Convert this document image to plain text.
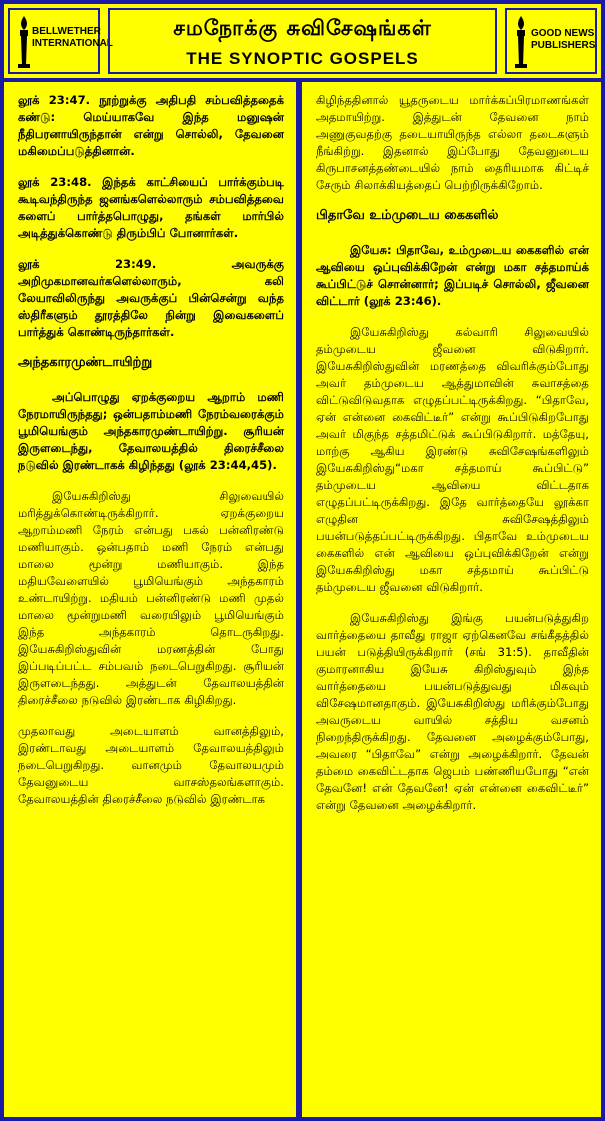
BELLWETHER INTERNATIONAL
சமநோக்கு சுவிசேஷங்கள்
THE SYNOPTIC GOSPELS
GOOD NEWS PUBLISHERS

லூக் 23:47. நூற்றுக்கு அதிபதி சம்பவித்ததைக் கண்டு: மெய்யாகவே இந்த மனுஷன் நீதிபரனாயிருந்தான் என்று சொல்லி, தேவனை மகிமைப்படுத்தினான்.

லூக் 23:48. இந்தக் காட்சியைப் பார்க்கும்படி கூடிவந்திருந்த ஜனங்களெல்லாரும் சம்பவித்தவை களைப் பார்த்தபொழுது, தங்கள் மார்பில் அடித்துக்கொண்டு திரும்பிப் போனார்கள்.

லூக் 23:49. அவருக்கு அறிமுகமானவர்களெல்லாரும், கலி லேயாவிலிருந்து அவருக்குப் பின்சென்று வந்த ஸ்திரீகளும் தூரத்திலே நின்று இவைகளைப் பார்த்துக் கொண்டிருந்தார்கள்.

அந்தகாரமுண்டாயிற்று

அப்பொழுது ஏறக்குறைய ஆறாம் மணி நேரமாயிருந்தது; ஒன்பதாம்மணி நேரம்வரைக்கும் பூமியெங்கும் அந்தகாரமுண்டாயிற்று. சூரியன் இருளடைந்து, தேவாலயத்தில் திரைச்சீலை நடுவில் இரண்டாகக் கிழிந்தது (லூக் 23:44,45).

இயேசுகிறிஸ்து சிலுவையில் மரித்துக்கொண்டிருக்கிறார். ஏறக்குறைய ஆறாம்மணி நேரம் என்பது பகல் பன்னிரண்டு மணியாகும். ஒன்பதாம் மணி நேரம் என்பது மாலை மூன்று மணியாகும். இந்த மதியவேளையில் பூமியெங்கும் அந்தகாரம் உண்டாயிற்று. மதியம் பன்னிரண்டு மணி முதல் மாலை மூன்றுமணி வரையிலும் பூமியெங்கும் இந்த அந்தகாரம் தொடருகிறது. இயேசுகிறிஸ்துவின் மரணத்தின் போது இப்படிப்பட்ட சம்பவம் நடைபெறுகிறது. சூரியன் இருளடைந்தது. அத்துடன் தேவாலயத்தின் திரைச்சீலை நடுவில் இரண்டாக கிழிகிறது.

முதலாவது அடையாளம் வானத்திலும், இரண்டாவது அடையாளம் தேவாலயத்திலும் நடைபெறுகிறது. வானமும் தேவாலயமும் தேவனுடைய வாசஸ்தலங்களாகும். தேவாலயத்தின் திரைச்சீலை நடுவில் இரண்டாக

கிழிந்ததினால் யூதருடைய மார்க்கப்பிரமாணங்கள் அதமாயிற்று. இத்துடன் தேவனை நாம் அணுகுவதற்கு தடையாயிருந்த எல்லா தடைகளும் நீங்கிற்று. இதனால் இப்போது தேவனுடைய கிருபாசனத்தண்டையில் நாம் தைரியமாக கிட்டிச் சேரும் சிலாக்கியத்தைப் பெற்றிருக்கிறோம்.

பிதாவே உம்முடைய கைகளில்

இயேசு: பிதாவே, உம்முடைய கைகளில் என் ஆவியை ஒப்புவிக்கிறேன் என்று மகா சத்தமாய்க் கூப்பிட்டுச் சொன்னார்; இப்படிச் சொல்லி, ஜீவனை விட்டார் (லூக் 23:46).

இயேசுகிறிஸ்து கல்வாரி சிலுவையில் தம்முடைய ஜீவனை விடுகிறார். இயேசுகிறிஸ்துவின் மரணத்தை விவரிக்கும்போது அவர் தம்முடைய ஆத்துமாவின் சுவாசத்தை விட்டுவிடுவதாக எழுதப்பட்டிருக்கிறது. “பிதாவே, ஏன் என்னை கைவிட்டீர்” என்று கூப்பிடுகிறபோது அவர் மிகுந்த சத்தமிட்டுக் கூப்பிடுகிறார். மத்தேயு, மாற்கு ஆகிய இரண்டு சுவிசேஷங்களிலும் இயேசுகிறிஸ்து“மகா சத்தமாய் கூப்பிட்டு” தம்முடைய ஆவியை விட்டதாக எழுதப்பட்டிருக்கிறது. இதே வார்த்தையே லூக்கா எழுதின சுவிசேஷத்திலும் பயன்படுத்தப்பட்டிருக்கிறது. பிதாவே உம்முடைய கைகளில் என் ஆவியை ஒப்புவிக்கிறேன் என்று இயேசுகிறிஸ்து மகா சத்தமாய் கூப்பிட்டு தம்முடைய ஜீவனை விடுகிறார்.

இயேசுகிறிஸ்து இங்கு பயன்படுத்துகிற வார்த்தையை தாவீது ராஜா ஏற்கெனவே சங்கீதத்தில் பயன் படுத்தியிருக்கிறார் (சங் 31:5). தாவீதின் குமாரனாகிய இயேசு கிறிஸ்துவும் இந்த வார்த்தையை பயன்படுத்துவது மிகவும் விசேஷமானதாகும். இயேசுகிறிஸ்து மரிக்கும்போது அவருடைய வாயில் சத்திய வசனம் நிறைந்திருக்கிறது. தேவனை அழைக்கும்போது, அவரை “பிதாவே” என்று அழைக்கிறார். தேவன் தம்மை கைவிட்டதாக ஜெபம் பண்ணியபோது “என் தேவனே! என் தேவனே! ஏன் என்னை கைவிட்டீர்” என்று தேவனை அழைக்கிறார்.
